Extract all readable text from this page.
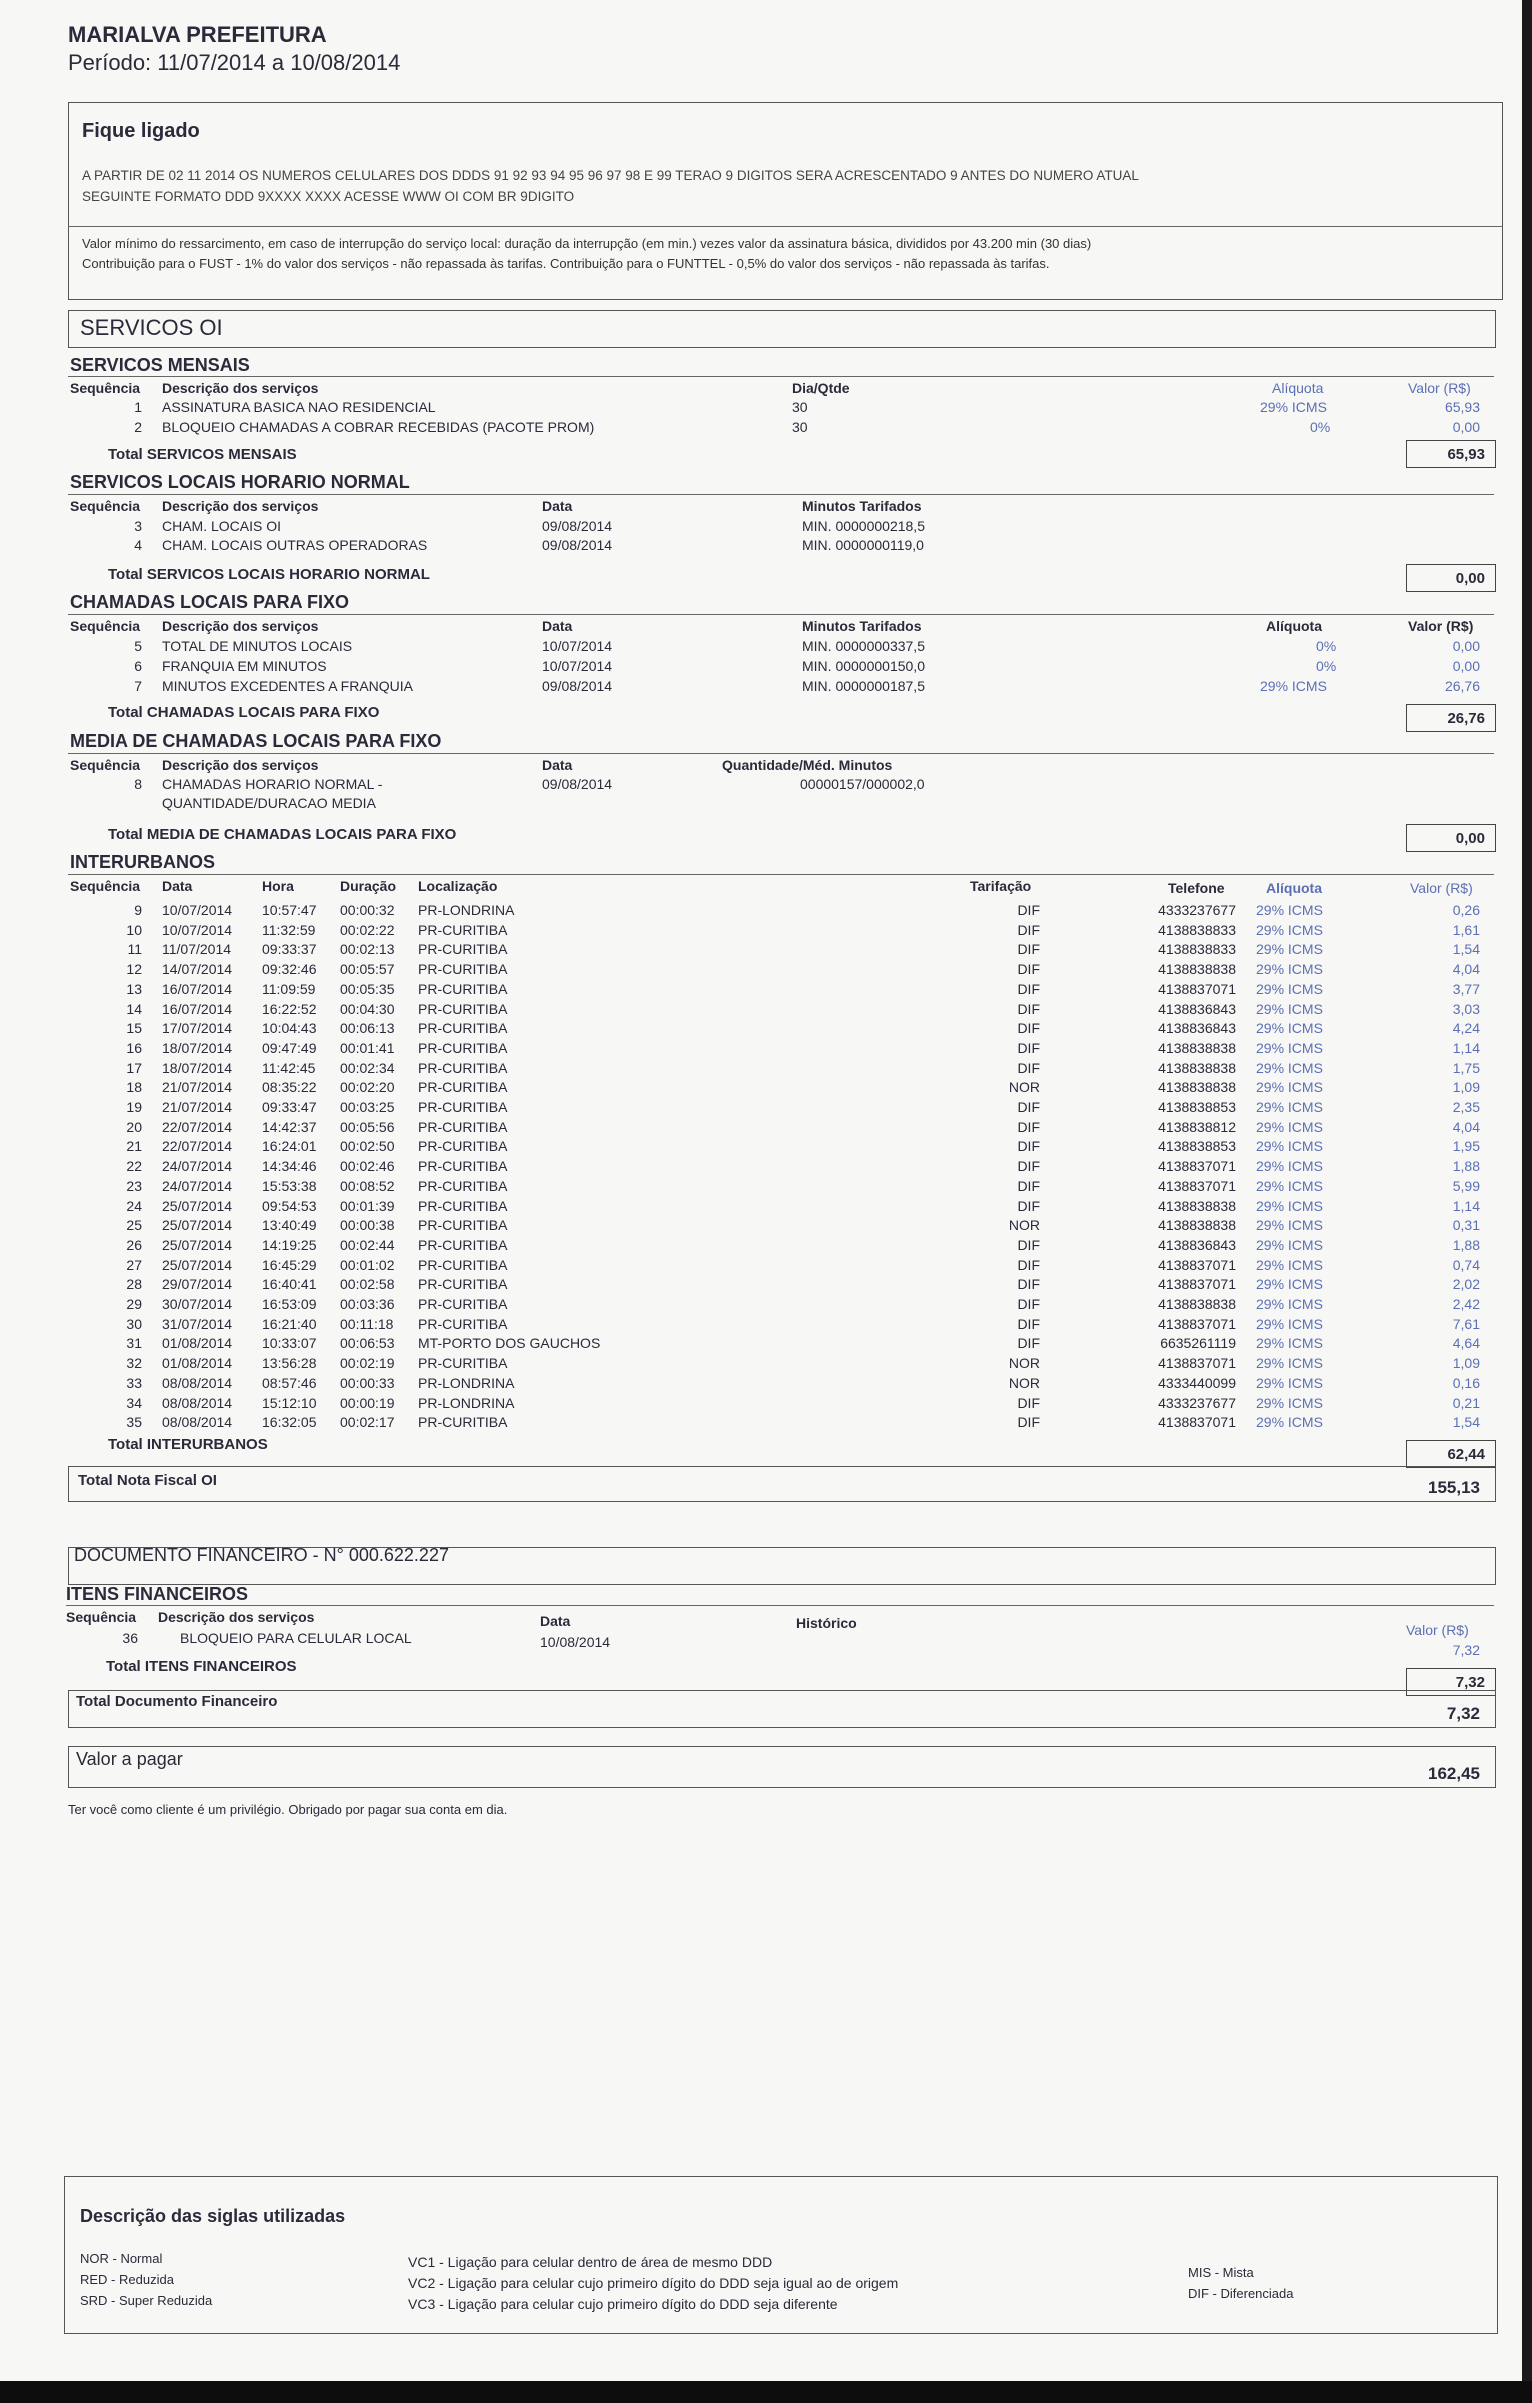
MARIALVA PREFEITURA
Período: 11/07/2014 a 10/08/2014
Fique ligado
A PARTIR DE 02 11 2014 OS NUMEROS CELULARES DOS DDDS 91 92 93 94 95 96 97 98 E 99 TERAO 9 DIGITOS SERA ACRESCENTADO 9 ANTES DO NUMERO ATUAL
SEGUINTE FORMATO DDD 9XXXX XXXX ACESSE WWW OI COM BR 9DIGITO
Valor mínimo do ressarcimento, em caso de interrupção do serviço local: duração da interrupção (em min.) vezes valor da assinatura básica, divididos por 43.200 min (30 dias)
Contribuição para o FUST - 1% do valor dos serviços - não repassada às tarifas. Contribuição para o FUNTTEL - 0,5% do valor dos serviços - não repassada às tarifas.
SERVICOS OI
SERVICOS MENSAIS
Sequência Descrição dos serviços	Dia/Qtde	Alíquota	Valor (R$)
1 ASSINATURA BASICA NAO RESIDENCIAL	30	29% ICMS	65,93
2 BLOQUEIO CHAMADAS A COBRAR RECEBIDAS (PACOTE PROM)	30	0%	0,00
Total SERVICOS MENSAIS	65,93
SERVICOS LOCAIS HORARIO NORMAL
Sequência Descrição dos serviços	Data	Minutos Tarifados
3 CHAM. LOCAIS OI	09/08/2014	MIN. 0000000218,5
4 CHAM. LOCAIS OUTRAS OPERADORAS	09/08/2014	MIN. 0000000119,0
Total SERVICOS LOCAIS HORARIO NORMAL	0,00
CHAMADAS LOCAIS PARA FIXO
Sequência Descrição dos serviços	Data	Minutos Tarifados	Alíquota	Valor (R$)
5 TOTAL DE MINUTOS LOCAIS	10/07/2014	MIN. 0000000337,5	0%	0,00
6 FRANQUIA EM MINUTOS	10/07/2014	MIN. 0000000150,0	0%	0,00
7 MINUTOS EXCEDENTES A FRANQUIA	09/08/2014	MIN. 0000000187,5	29% ICMS	26,76
Total CHAMADAS LOCAIS PARA FIXO	26,76
MEDIA DE CHAMADAS LOCAIS PARA FIXO
Sequência Descrição dos serviços	Data	Quantidade/Méd. Minutos
8 CHAMADAS HORARIO NORMAL -
QUANTIDADE/DURACAO MEDIA
09/08/2014	00000157/000002,0
Total MEDIA DE CHAMADAS LOCAIS PARA FIXO	0,00
INTERURBANOS
Sequência Data	Hora	Duração Localização	Tarifação	Telefone	Alíquota	Valor (R$)
9 10/07/2014 10:57:47 00:00:32 PR-LONDRINA	DIF	4333237677 29% ICMS	0,26
10 10/07/2014 11:32:59 00:02:22 PR-CURITIBA	DIF	4138838833 29% ICMS	1,61
11 11/07/2014 09:33:37 00:02:13 PR-CURITIBA	DIF	4138838833 29% ICMS	1,54
12 14/07/2014 09:32:46 00:05:57 PR-CURITIBA	DIF	4138838838 29% ICMS	4,04
13 16/07/2014 11:09:59 00:05:35 PR-CURITIBA	DIF	4138837071 29% ICMS	3,77
14 16/07/2014 16:22:52 00:04:30 PR-CURITIBA	DIF	4138836843 29% ICMS	3,03
15 17/07/2014 10:04:43 00:06:13 PR-CURITIBA	DIF	4138836843 29% ICMS	4,24
16 18/07/2014 09:47:49 00:01:41 PR-CURITIBA	DIF	4138838838 29% ICMS	1,14
17 18/07/2014 11:42:45 00:02:34 PR-CURITIBA	DIF	4138838838 29% ICMS	1,75
18 21/07/2014 08:35:22 00:02:20 PR-CURITIBA	NOR	4138838838 29% ICMS	1,09
19 21/07/2014 09:33:47 00:03:25 PR-CURITIBA	DIF	4138838853 29% ICMS	2,35
20 22/07/2014 14:42:37 00:05:56 PR-CURITIBA	DIF	4138838812 29% ICMS	4,04
21 22/07/2014 16:24:01 00:02:50 PR-CURITIBA	DIF	4138838853 29% ICMS	1,95
22 24/07/2014 14:34:46 00:02:46 PR-CURITIBA	DIF	4138837071 29% ICMS	1,88
23 24/07/2014 15:53:38 00:08:52 PR-CURITIBA	DIF	4138837071 29% ICMS	5,99
24 25/07/2014 09:54:53 00:01:39 PR-CURITIBA	DIF	4138838838 29% ICMS	1,14
25 25/07/2014 13:40:49 00:00:38 PR-CURITIBA	NOR	4138838838 29% ICMS	0,31
26 25/07/2014 14:19:25 00:02:44 PR-CURITIBA	DIF	4138836843 29% ICMS	1,88
27 25/07/2014 16:45:29 00:01:02 PR-CURITIBA	DIF	4138837071 29% ICMS	0,74
28 29/07/2014 16:40:41 00:02:58 PR-CURITIBA	DIF	4138837071 29% ICMS	2,02
29 30/07/2014 16:53:09 00:03:36 PR-CURITIBA	DIF	4138838838 29% ICMS	2,42
30 31/07/2014 16:21:40 00:11:18 PR-CURITIBA	DIF	4138837071 29% ICMS	7,61
31 01/08/2014 10:33:07 00:06:53 MT-PORTO DOS GAUCHOS	DIF	6635261119 29% ICMS	4,64
32 01/08/2014 13:56:28 00:02:19 PR-CURITIBA	NOR	4138837071 29% ICMS	1,09
33 08/08/2014 08:57:46 00:00:33 PR-LONDRINA	NOR	4333440099 29% ICMS	0,16
34 08/08/2014 15:12:10 00:00:19 PR-LONDRINA	DIF	4333237677 29% ICMS	0,21
35 08/08/2014 16:32:05 00:02:17 PR-CURITIBA	DIF	4138837071 29% ICMS	1,54
Total INTERURBANOS
62,44
Total Nota Fiscal OI	155,13
DOCUMENTO FINANCEIRO - N° 000.622.227
ITENS FINANCEIROS
Sequência Descrição dos serviços	Data	Histórico	Valor (R$)
36	BLOQUEIO PARA CELULAR LOCAL	10/08/2014	7,32
Total ITENS FINANCEIROS
7,32
Total Documento Financeiro
7,32
Valor a pagar
162,45
Ter você como cliente é um privilégio. Obrigado por pagar sua conta em dia.
Descrição das siglas utilizadas
NOR - Normal
RED - Reduzida
SRD - Super Reduzida
VC1 - Ligação para celular dentro de área de mesmo DDD
VC2 - Ligação para celular cujo primeiro dígito do DDD seja igual ao de origem
VC3 - Ligação para celular cujo primeiro dígito do DDD seja diferente
MIS - Mista
DIF - Diferenciada
